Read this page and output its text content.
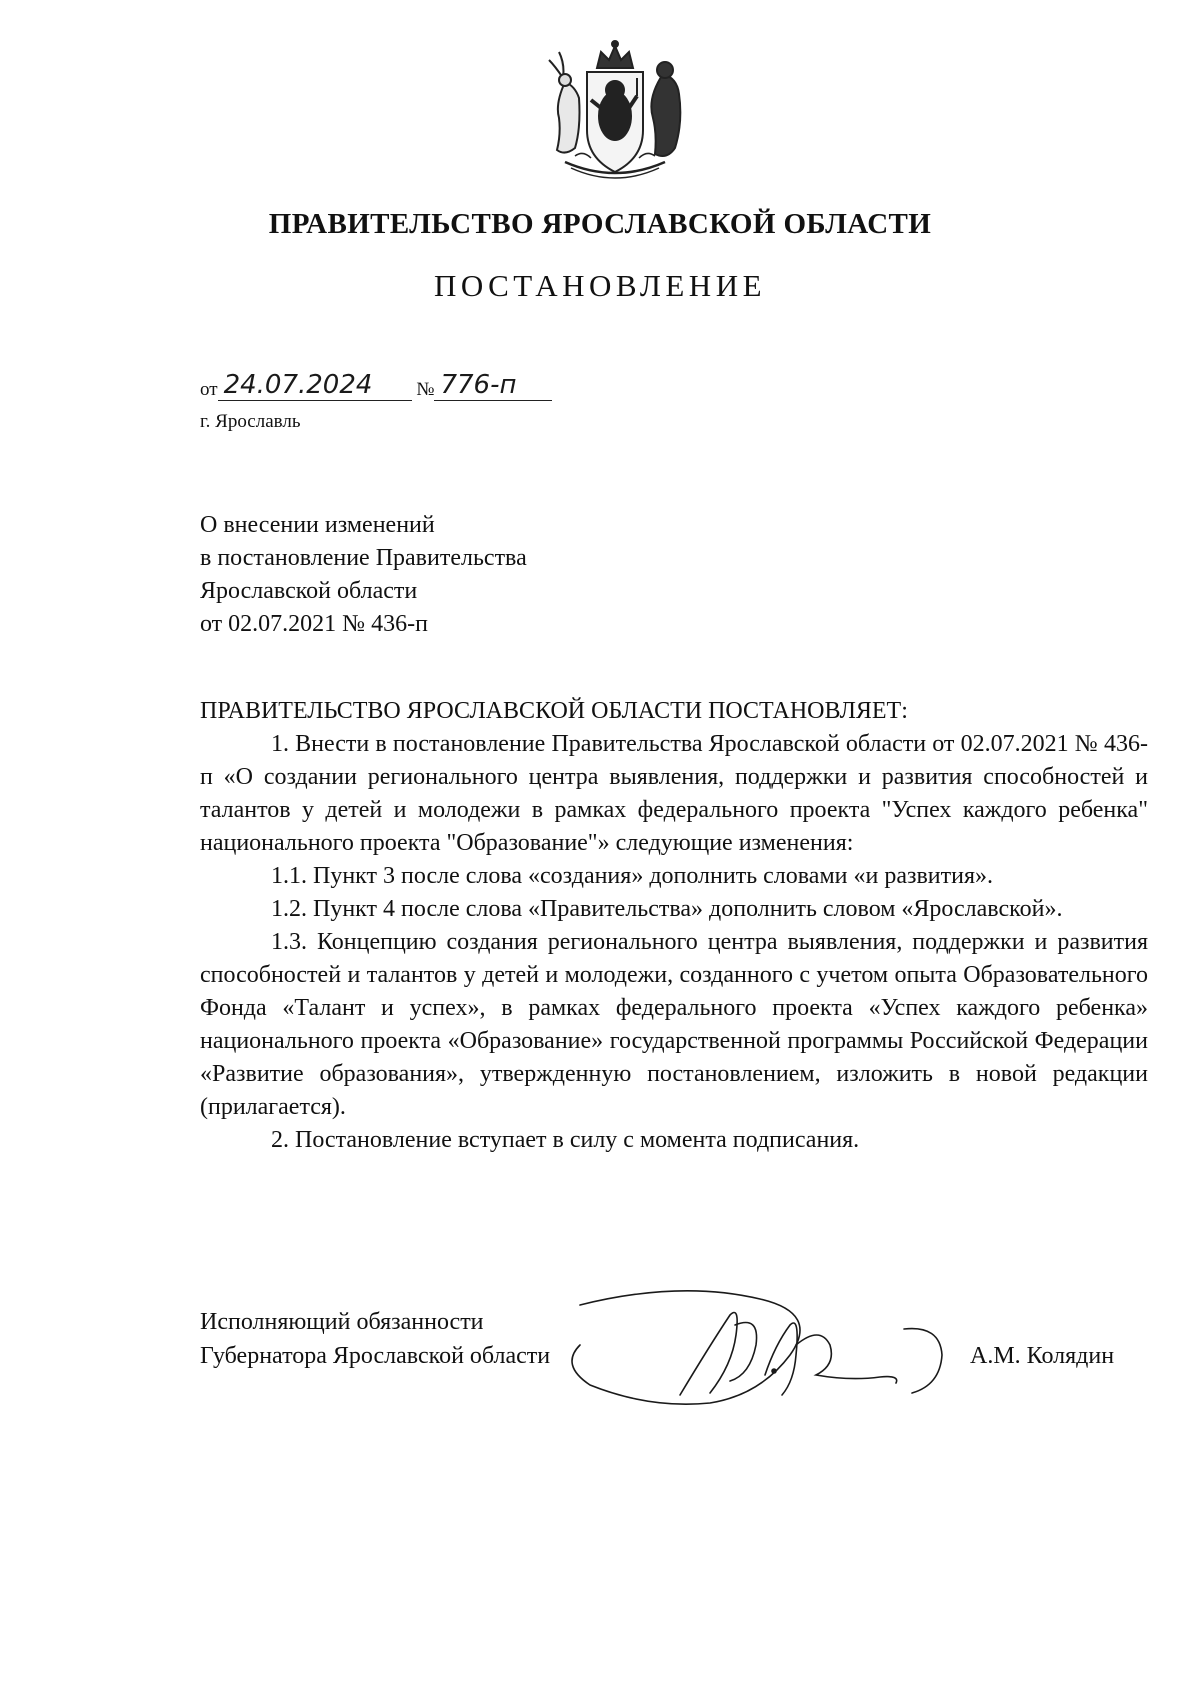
ПРАВИТЕЛЬСТВО ЯРОСЛАВСКОЙ ОБЛАСТИ
ПОСТАНОВЛЕНИЕ
от 24.07.2024 № 776-п
г. Ярославль
О внесении изменений
в постановление Правительства
Ярославской области
от 02.07.2021 № 436-п
ПРАВИТЕЛЬСТВО ЯРОСЛАВСКОЙ ОБЛАСТИ ПОСТАНОВЛЯЕТ:

1. Внести в постановление Правительства Ярославской области от 02.07.2021 № 436-п «О создании регионального центра выявления, поддержки и развития способностей и талантов у детей и молодежи в рамках федерального проекта "Успех каждого ребенка" национального проекта "Образование"» следующие изменения:

1.1. Пункт 3 после слова «создания» дополнить словами «и развития».

1.2. Пункт 4 после слова «Правительства» дополнить словом «Ярославской».

1.3. Концепцию создания регионального центра выявления, поддержки и развития способностей и талантов у детей и молодежи, созданного с учетом опыта Образовательного Фонда «Талант и успех», в рамках федерального проекта «Успех каждого ребенка» национального проекта «Образование» государственной программы Российской Федерации «Развитие образования», утвержденную постановлением, изложить в новой редакции (прилагается).

2. Постановление вступает в силу с момента подписания.

Исполняющий обязанности
Губернатора Ярославской области	А.М. Колядин
